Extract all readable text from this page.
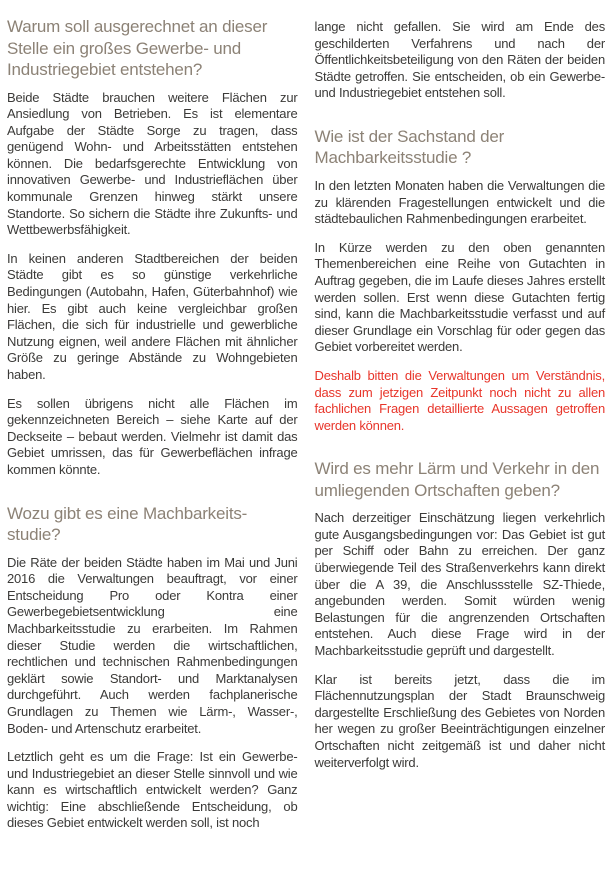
Warum soll ausgerechnet an dieser Stelle ein großes Gewerbe- und Industriegebiet entstehen?

Beide Städte brauchen weitere Flächen zur Ansiedlung von Betrieben. Es ist elementare Aufgabe der Städte Sorge zu tragen, dass genügend Wohn- und Arbeitsstätten entstehen können. Die bedarfsgerechte Entwicklung von innovativen Gewerbe- und Industrieflächen über kommunale Grenzen hinweg stärkt unsere Standorte. So sichern die Städte ihre Zukunfts- und Wettbewerbsfähigkeit.

In keinen anderen Stadtbereichen der beiden Städte gibt es so günstige verkehrliche Bedingungen (Autobahn, Hafen, Güterbahnhof) wie hier. Es gibt auch keine vergleichbar großen Flächen, die sich für industrielle und gewerbliche Nutzung eignen, weil andere Flächen mit ähnlicher Größe zu geringe Abstände zu Wohngebieten haben.

Es sollen übrigens nicht alle Flächen im gekennzeichneten Bereich – siehe Karte auf der Deckseite – bebaut werden. Vielmehr ist damit das Gebiet umrissen, das für Gewerbeflächen infrage kommen könnte.

Wozu gibt es eine Machbarkeits-studie?

Die Räte der beiden Städte haben im Mai und Juni 2016 die Verwaltungen beauftragt, vor einer Entscheidung Pro oder Kontra einer Gewerbegebietsentwicklung eine Machbarkeitsstudie zu erarbeiten. Im Rahmen dieser Studie werden die wirtschaftlichen, rechtlichen und technischen Rahmenbedingungen geklärt sowie Standort- und Marktanalysen durchgeführt. Auch werden fachplanerische Grundlagen zu Themen wie Lärm-, Wasser-, Boden- und Artenschutz erarbeitet.

Letztlich geht es um die Frage: Ist ein Gewerbe- und Industriegebiet an dieser Stelle sinnvoll und wie kann es wirtschaftlich entwickelt werden? Ganz wichtig: Eine abschließende Entscheidung, ob dieses Gebiet entwickelt werden soll, ist noch

lange nicht gefallen. Sie wird am Ende des geschilderten Verfahrens und nach der Öffentlichkeitsbeteiligung von den Räten der beiden Städte getroffen. Sie entscheiden, ob ein Gewerbe- und Industriegebiet entstehen soll.

Wie ist der Sachstand der Machbarkeitsstudie ?

In den letzten Monaten haben die Verwaltungen die zu klärenden Fragestellungen entwickelt und die städtebaulichen Rahmenbedingungen erarbeitet.

In Kürze werden zu den oben genannten Themenbereichen eine Reihe von Gutachten in Auftrag gegeben, die im Laufe dieses Jahres erstellt werden sollen. Erst wenn diese Gutachten fertig sind, kann die Machbarkeitsstudie verfasst und auf dieser Grundlage ein Vorschlag für oder gegen das Gebiet vorbereitet werden.

Deshalb bitten die Verwaltungen um Verständnis, dass zum jetzigen Zeitpunkt noch nicht zu allen fachlichen Fragen detaillierte Aussagen getroffen werden können.

Wird es mehr Lärm und Verkehr in den umliegenden Ortschaften geben?

Nach derzeitiger Einschätzung liegen verkehrlich gute Ausgangsbedingungen vor: Das Gebiet ist gut per Schiff oder Bahn zu erreichen. Der ganz überwiegende Teil des Straßenverkehrs kann direkt über die A 39, die Anschlussstelle SZ-Thiede, angebunden werden. Somit würden wenig Belastungen für die angrenzenden Ortschaften entstehen. Auch diese Frage wird in der Machbarkeitsstudie geprüft und dargestellt.

Klar ist bereits jetzt, dass die im Flächennutzungsplan der Stadt Braunschweig dargestellte Erschließung des Gebietes von Norden her wegen zu großer Beeinträchtigungen einzelner Ortschaften nicht zeitgemäß ist und daher nicht weiterverfolgt wird.
